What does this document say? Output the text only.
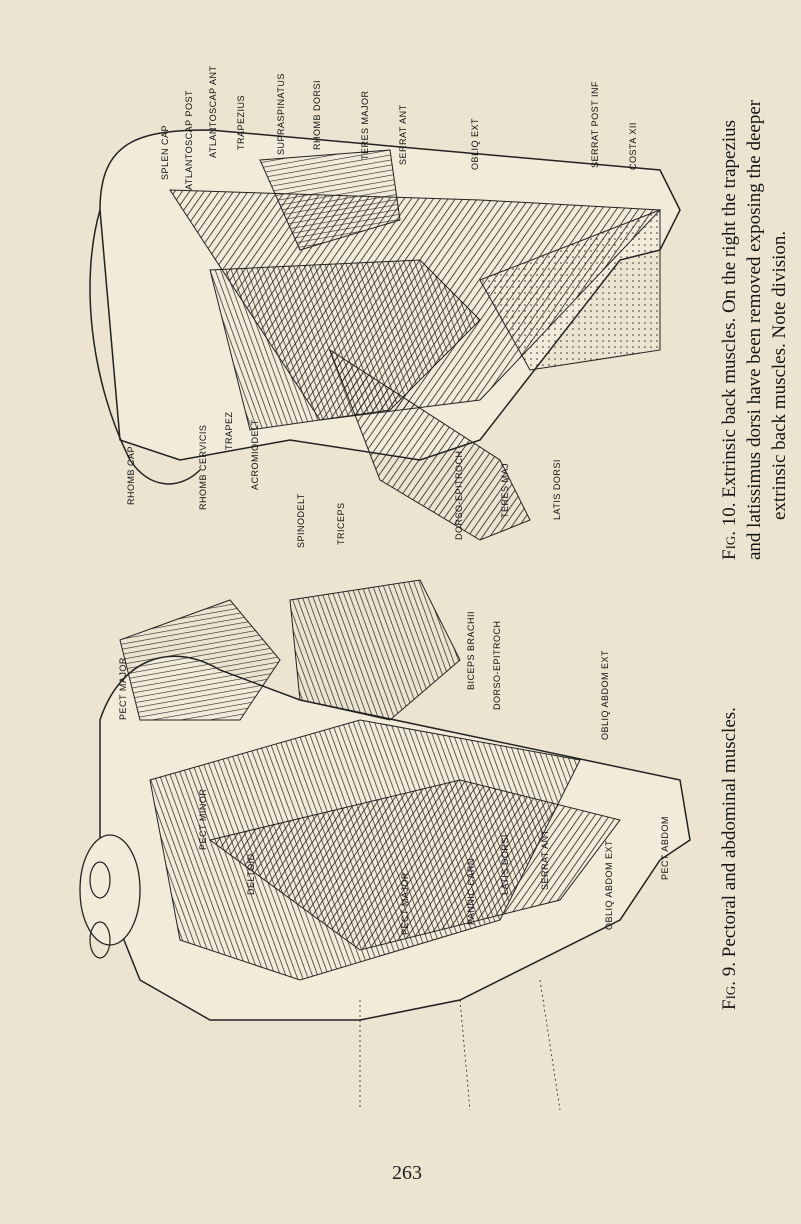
SPLEN CAP ATLANTOSCAP POST ATLANTOSCAP ANT TRAPEZIUS	SUPRASPINATUS	RHOMB DORSI	TERES MAJOR	SERRAT ANT	OBLIQ EXT	SERRAT POST INF	COSTA XII
RHOMB CAP	RHOMB CERVICIS TRAPEZ ACROMIODELT
SPINODELT	TRICEPS	DORSO-EPITROCH	TERES MAJ	LATIS DORSI
PECT MAJOR	BICEPS BRACHII DORSO-EPITROCH	OBLIQ ABDOM EXT
PECT MINOR
DELTOID	PECT MAJOR	PANNIC CARN	LATIS DORSI	SERRAT ANT	OBLIQ ABDOM EXT	PECT ABDOM
Fig. 9. Pectoral and abdominal muscles.
Fig. 10. Extrinsic back muscles. On the right the trapezius and latissimus dorsi have been removed exposing the deeper extrinsic back muscles. Note division.
263
